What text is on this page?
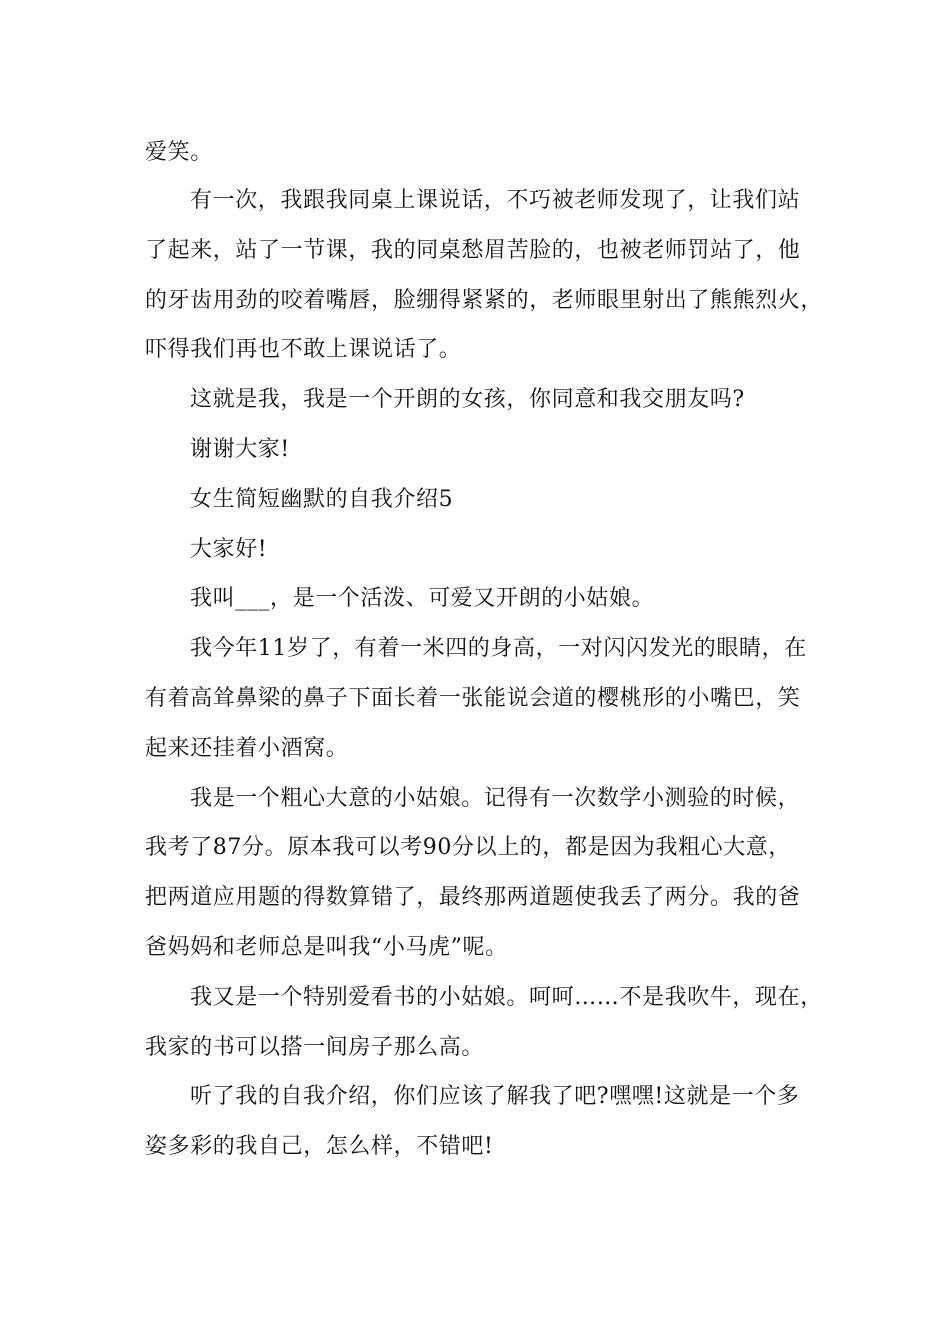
爱笑。
有一次，我跟我同桌上课说话，不巧被老师发现了，让我们站
了起来，站了一节课，我的同桌愁眉苦脸的，也被老师罚站了，他
的牙齿用劲的咬着嘴唇，脸绷得紧紧的，老师眼里射出了熊熊烈火，
吓得我们再也不敢上课说话了。
这就是我，我是一个开朗的女孩，你同意和我交朋友吗?
谢谢大家!
女生简短幽默的自我介绍5
大家好!
我叫___，是一个活泼、可爱又开朗的小姑娘。
我今年11岁了，有着一米四的身高，一对闪闪发光的眼睛，在
有着高耸鼻梁的鼻子下面长着一张能说会道的樱桃形的小嘴巴，笑
起来还挂着小酒窝。
我是一个粗心大意的小姑娘。记得有一次数学小测验的时候，
我考了87分。原本我可以考90分以上的，都是因为我粗心大意，
把两道应用题的得数算错了，最终那两道题使我丢了两分。我的爸
爸妈妈和老师总是叫我“小马虎”呢。
我又是一个特别爱看书的小姑娘。呵呵……不是我吹牛，现在，
我家的书可以搭一间房子那么高。
听了我的自我介绍，你们应该了解我了吧?嘿嘿!这就是一个多
姿多彩的我自己，怎么样，不错吧!
